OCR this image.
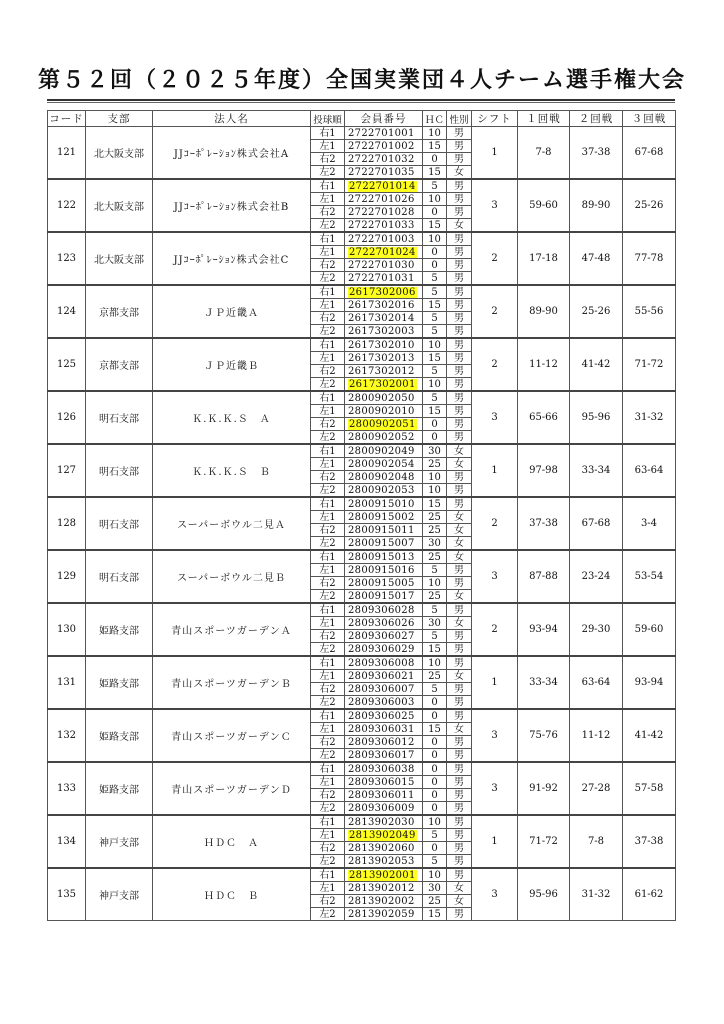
第５２回（２０２５年度）全国実業団４人チーム選手権大会
コード	支部	法人名	投球順	会員番号	ＨＣ	性別	シフト	１回戦	２回戦	３回戦
121	北大阪支部	JJｺｰﾎﾟﾚｰｼｮﾝ株式会社A	右1	2722701001	10	男	1	7-8	37-38	67-68
			左1	2722701002	15	男				
			右2	2722701032	0	男				
			左2	2722701035	15	女				
122	北大阪支部	JJｺｰﾎﾟﾚｰｼｮﾝ株式会社B	右1	2722701014	5	男	3	59-60	89-90	25-26
			左1	2722701026	10	男				
			右2	2722701028	0	男				
			左2	2722701033	15	女				
123	北大阪支部	JJｺｰﾎﾟﾚｰｼｮﾝ株式会社C	右1	2722701003	10	男	2	17-18	47-48	77-78
			左1	2722701024	0	男				
			右2	2722701030	0	男				
			左2	2722701031	5	男				
124	京都支部	ＪＰ近畿Ａ	右1	2617302006	5	男	2	89-90	25-26	55-56
			左1	2617302016	15	男				
			右2	2617302014	5	男				
			左2	2617302003	5	男				
125	京都支部	ＪＰ近畿Ｂ	右1	2617302010	10	男	2	11-12	41-42	71-72
			左1	2617302013	15	男				
			右2	2617302012	5	男				
			左2	2617302001	10	男				
126	明石支部	Ｋ.Ｋ.Ｋ.Ｓ　Ａ	右1	2800902050	5	男	3	65-66	95-96	31-32
			左1	2800902010	15	男				
			右2	2800902051	0	男				
			左2	2800902052	0	男				
127	明石支部	Ｋ.Ｋ.Ｋ.Ｓ　Ｂ	右1	2800902049	30	女	1	97-98	33-34	63-64
			左1	2800902054	25	女				
			右2	2800902048	10	男				
			左2	2800902053	10	男				
128	明石支部	スーパーボウル二見Ａ	右1	2800915010	15	男	2	37-38	67-68	3-4
			左1	2800915002	25	女				
			右2	2800915011	25	女				
			左2	2800915007	30	女				
129	明石支部	スーパーボウル二見Ｂ	右1	2800915013	25	女	3	87-88	23-24	53-54
			左1	2800915016	5	男				
			右2	2800915005	10	男				
			左2	2800915017	25	女				
130	姫路支部	青山スポーツガーデンＡ	右1	2809306028	5	男	2	93-94	29-30	59-60
			左1	2809306026	30	女				
			右2	2809306027	5	男				
			左2	2809306029	15	男				
131	姫路支部	青山スポーツガーデンＢ	右1	2809306008	10	男	1	33-34	63-64	93-94
			左1	2809306021	25	女				
			右2	2809306007	5	男				
			左2	2809306003	0	男				
132	姫路支部	青山スポーツガーデンＣ	右1	2809306025	0	男	3	75-76	11-12	41-42
			左1	2809306031	15	女				
			右2	2809306012	0	男				
			左2	2809306017	0	男				
133	姫路支部	青山スポーツガーデンＤ	右1	2809306038	0	男	3	91-92	27-28	57-58
			左1	2809306015	0	男				
			右2	2809306011	0	男				
			左2	2809306009	0	男				
134	神戸支部	ＨＤＣ　Ａ	右1	2813902030	10	男	1	71-72	7-8	37-38
			左1	2813902049	5	男				
			右2	2813902060	0	男				
			左2	2813902053	5	男				
135	神戸支部	ＨＤＣ　Ｂ	右1	2813902001	10	男	3	95-96	31-32	61-62
			左1	2813902012	30	女				
			右2	2813902002	25	女				
			左2	2813902059	15	男				
